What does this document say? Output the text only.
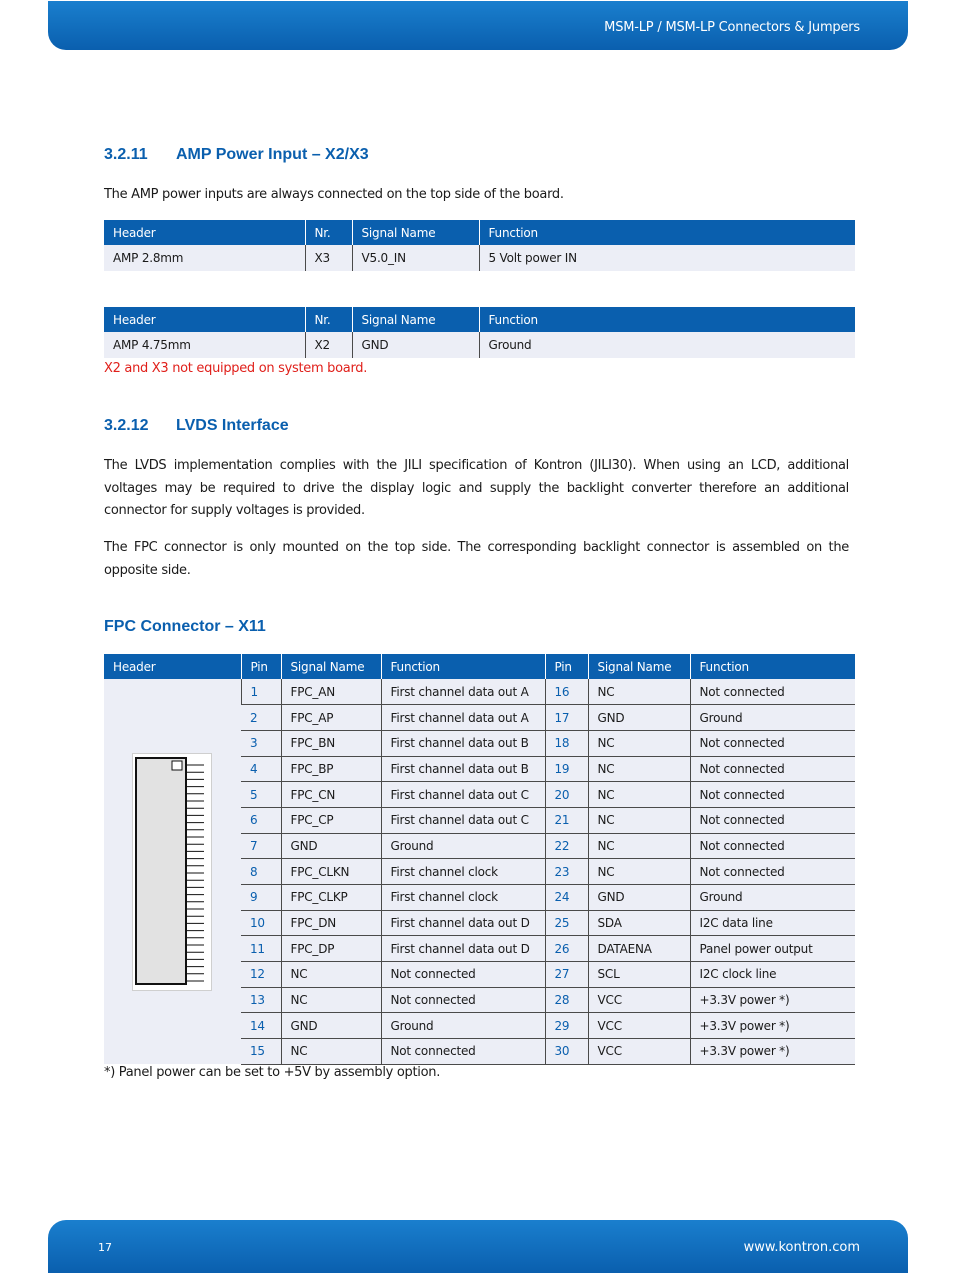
MSM-LP / MSM-LP Connectors & Jumpers
3.2.11 AMP Power Input – X2/X3
The AMP power inputs are always connected on the top side of the board.
Header	Nr.	Signal Name	Function
AMP 2.8mm	X3	V5.0_IN	5 Volt power IN
Header	Nr.	Signal Name	Function
AMP 4.75mm	X2	GND	Ground
X2 and X3 not equipped on system board.
3.2.12 LVDS Interface
The LVDS implementation complies with the JILI specification of Kontron (JILI30). When using an LCD, additional voltages may be required to drive the display logic and supply the backlight converter therefore an additional connector for supply voltages is provided.
The FPC connector is only mounted on the top side. The corresponding backlight connector is assembled on the opposite side.
FPC Connector – X11
Header	Pin	Signal Name	Function	Pin	Signal Name	Function

	1	FPC_AN	First channel data out A	16	NC	Not connected
	2	FPC_AP	First channel data out A	17	GND	Ground
	3	FPC_BN	First channel data out B	18	NC	Not connected
	4	FPC_BP	First channel data out B	19	NC	Not connected
	5	FPC_CN	First channel data out C	20	NC	Not connected
	6	FPC_CP	First channel data out C	21	NC	Not connected
	7	GND	Ground	22	NC	Not connected
	8	FPC_CLKN	First channel clock	23	NC	Not connected
	9	FPC_CLKP	First channel clock	24	GND	Ground
	10	FPC_DN	First channel data out D	25	SDA	I2C data line
	11	FPC_DP	First channel data out D	26	DATAENA	Panel power output
	12	NC	Not connected	27	SCL	I2C clock line
	13	NC	Not connected	28	VCC	+3.3V power *)
	14	GND	Ground	29	VCC	+3.3V power *)
	15	NC	Not connected	30	VCC	+3.3V power *)
*) Panel power can be set to +5V by assembly option.
17	www.kontron.com
